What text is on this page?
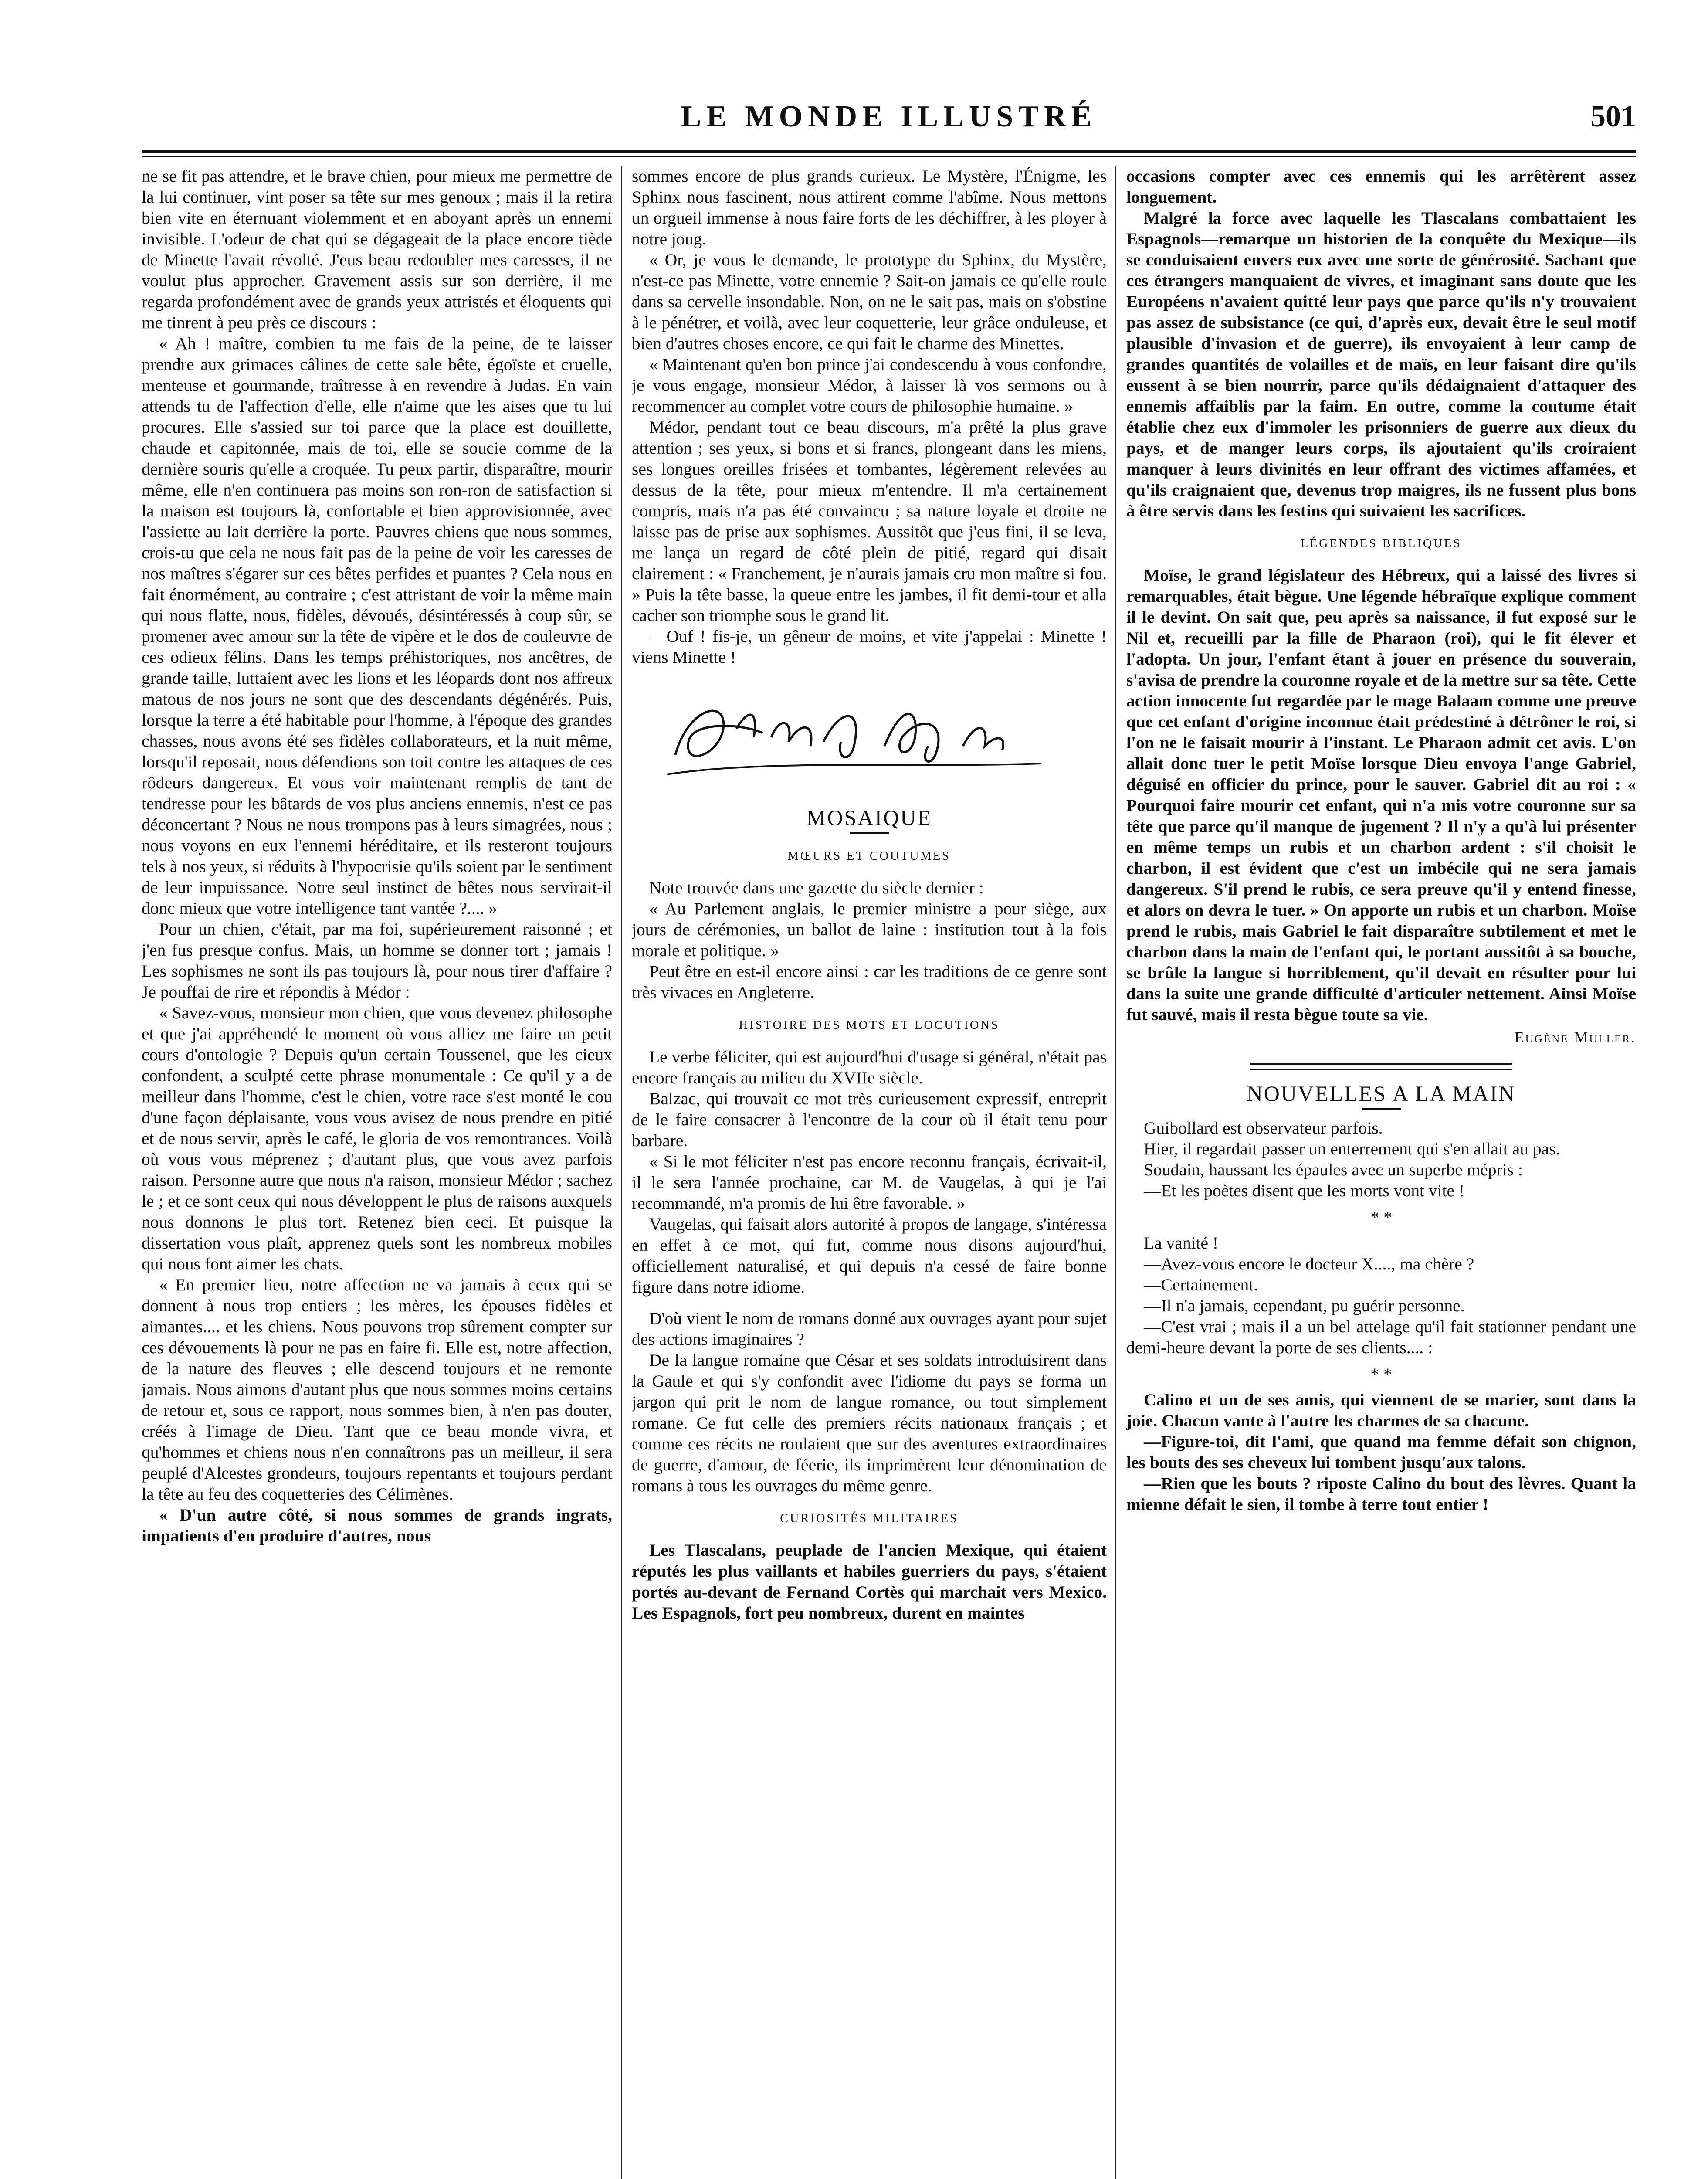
LE MONDE ILLUSTRÉ	501

ne se fit pas attendre, et le brave chien, pour mieux me permettre de la lui continuer, vint poser sa tête sur mes genoux ; mais il la retira bien vite en éternuant violemment et en aboyant après un ennemi invisible. L'odeur de chat qui se dégageait de la place encore tiède de Minette l'avait révolté. J'eus beau redoubler mes caresses, il ne voulut plus approcher. Gravement assis sur son derrière, il me regarda profondément avec de grands yeux attristés et éloquents qui me tinrent à peu près ce discours :

« Ah ! maître, combien tu me fais de la peine, de te laisser prendre aux grimaces câlines de cette sale bête, égoïste et cruelle, menteuse et gourmande, traîtresse à en revendre à Judas. En vain attends tu de l'affection d'elle, elle n'aime que les aises que tu lui procures. Elle s'assied sur toi parce que la place est douillette, chaude et capitonnée, mais de toi, elle se soucie comme de la dernière souris qu'elle a croquée. Tu peux partir, disparaître, mourir même, elle n'en continuera pas moins son ron-ron de satisfaction si la maison est toujours là, confortable et bien approvisionnée, avec l'assiette au lait derrière la porte. Pauvres chiens que nous sommes, crois-tu que cela ne nous fait pas de la peine de voir les caresses de nos maîtres s'égarer sur ces bêtes perfides et puantes ? Cela nous en fait énormément, au contraire ; c'est attristant de voir la même main qui nous flatte, nous, fidèles, dévoués, désintéressés à coup sûr, se promener avec amour sur la tête de vipère et le dos de couleuvre de ces odieux félins. Dans les temps préhistoriques, nos ancêtres, de grande taille, luttaient avec les lions et les léopards dont nos affreux matous de nos jours ne sont que des descendants dégénérés. Puis, lorsque la terre a été habitable pour l'homme, à l'époque des grandes chasses, nous avons été ses fidèles collaborateurs, et la nuit même, lorsqu'il reposait, nous défendions son toit contre les attaques de ces rôdeurs dangereux. Et vous voir maintenant remplis de tant de tendresse pour les bâtards de vos plus anciens ennemis, n'est ce pas déconcertant ? Nous ne nous trompons pas à leurs simagrées, nous ; nous voyons en eux l'ennemi héréditaire, et ils resteront toujours tels à nos yeux, si réduits à l'hypocrisie qu'ils soient par le sentiment de leur impuissance. Notre seul instinct de bêtes nous servirait-il donc mieux que votre intelligence tant vantée ?.... »

Pour un chien, c'était, par ma foi, supérieurement raisonné ; et j'en fus presque confus. Mais, un homme se donner tort ; jamais ! Les sophismes ne sont ils pas toujours là, pour nous tirer d'affaire ? Je pouffai de rire et répondis à Médor :

« Savez-vous, monsieur mon chien, que vous devenez philosophe et que j'ai appréhendé le moment où vous alliez me faire un petit cours d'ontologie ? Depuis qu'un certain Toussenel, que les cieux confondent, a sculpté cette phrase monumentale : Ce qu'il y a de meilleur dans l'homme, c'est le chien, votre race s'est monté le cou d'une façon déplaisante, vous vous avisez de nous prendre en pitié et de nous servir, après le café, le gloria de vos remontrances. Voilà où vous vous méprenez ; d'autant plus, que vous avez parfois raison. Personne autre que nous n'a raison, monsieur Médor ; sachez le ; et ce sont ceux qui nous développent le plus de raisons auxquels nous donnons le plus tort. Retenez bien ceci. Et puisque la dissertation vous plaît, apprenez quels sont les nombreux mobiles qui nous font aimer les chats.

« En premier lieu, notre affection ne va jamais à ceux qui se donnent à nous trop entiers ; les mères, les épouses fidèles et aimantes.... et les chiens. Nous pouvons trop sûrement compter sur ces dévouements là pour ne pas en faire fi. Elle est, notre affection, de la nature des fleuves ; elle descend toujours et ne remonte jamais. Nous aimons d'autant plus que nous sommes moins certains de retour et, sous ce rapport, nous sommes bien, à n'en pas douter, créés à l'image de Dieu. Tant que ce beau monde vivra, et qu'hommes et chiens nous n'en connaîtrons pas un meilleur, il sera peuplé d'Alcestes grondeurs, toujours repentants et toujours perdant la tête au feu des coquetteries des Célimènes.

« D'un autre côté, si nous sommes de grands ingrats, impatients d'en produire d'autres, nous

sommes encore de plus grands curieux. Le Mystère, l'Énigme, les Sphinx nous fascinent, nous attirent comme l'abîme. Nous mettons un orgueil immense à nous faire forts de les déchiffrer, à les ployer à notre joug.

« Or, je vous le demande, le prototype du Sphinx, du Mystère, n'est-ce pas Minette, votre ennemie ? Sait-on jamais ce qu'elle roule dans sa cervelle insondable. Non, on ne le sait pas, mais on s'obstine à le pénétrer, et voilà, avec leur coquetterie, leur grâce onduleuse, et bien d'autres choses encore, ce qui fait le charme des Minettes.

« Maintenant qu'en bon prince j'ai condescendu à vous confondre, je vous engage, monsieur Médor, à laisser là vos sermons ou à recommencer au complet votre cours de philosophie humaine. »

Médor, pendant tout ce beau discours, m'a prêté la plus grave attention ; ses yeux, si bons et si francs, plongeant dans les miens, ses longues oreilles frisées et tombantes, légèrement relevées au dessus de la tête, pour mieux m'entendre. Il m'a certainement compris, mais n'a pas été convaincu ; sa nature loyale et droite ne laisse pas de prise aux sophismes. Aussitôt que j'eus fini, il se leva, me lança un regard de côté plein de pitié, regard qui disait clairement : « Franchement, je n'aurais jamais cru mon maître si fou. » Puis la tête basse, la queue entre les jambes, il fit demi-tour et alla cacher son triomphe sous le grand lit.

—Ouf ! fis-je, un gêneur de moins, et vite j'appelai : Minette ! viens Minette !

MOSAIQUE
MŒURS ET COUTUMES

Note trouvée dans une gazette du siècle dernier :

« Au Parlement anglais, le premier ministre a pour siège, aux jours de cérémonies, un ballot de laine : institution tout à la fois morale et politique. »

Peut être en est-il encore ainsi : car les traditions de ce genre sont très vivaces en Angleterre.

HISTOIRE DES MOTS ET LOCUTIONS

Le verbe féliciter, qui est aujourd'hui d'usage si général, n'était pas encore français au milieu du XVIIe siècle.

Balzac, qui trouvait ce mot très curieusement expressif, entreprit de le faire consacrer à l'encontre de la cour où il était tenu pour barbare.

« Si le mot féliciter n'est pas encore reconnu français, écrivait-il, il le sera l'année prochaine, car M. de Vaugelas, à qui je l'ai recommandé, m'a promis de lui être favorable. »

Vaugelas, qui faisait alors autorité à propos de langage, s'intéressa en effet à ce mot, qui fut, comme nous disons aujourd'hui, officiellement naturalisé, et qui depuis n'a cessé de faire bonne figure dans notre idiome.

D'où vient le nom de romans donné aux ouvrages ayant pour sujet des actions imaginaires ?

De la langue romaine que César et ses soldats introduisirent dans la Gaule et qui s'y confondit avec l'idiome du pays se forma un jargon qui prit le nom de langue romance, ou tout simplement romane. Ce fut celle des premiers récits nationaux français ; et comme ces récits ne roulaient que sur des aventures extraordinaires de guerre, d'amour, de féerie, ils imprimèrent leur dénomination de romans à tous les ouvrages du même genre.

CURIOSITÉS MILITAIRES

Les Tlascalans, peuplade de l'ancien Mexique, qui étaient réputés les plus vaillants et habiles guerriers du pays, s'étaient portés au-devant de Fernand Cortès qui marchait vers Mexico. Les Espagnols, fort peu nombreux, durent en maintes

occasions compter avec ces ennemis qui les arrêtèrent assez longuement.

Malgré la force avec laquelle les Tlascalans combattaient les Espagnols—remarque un historien de la conquête du Mexique—ils se conduisaient envers eux avec une sorte de générosité. Sachant que ces étrangers manquaient de vivres, et imaginant sans doute que les Européens n'avaient quitté leur pays que parce qu'ils n'y trouvaient pas assez de subsistance (ce qui, d'après eux, devait être le seul motif plausible d'invasion et de guerre), ils envoyaient à leur camp de grandes quantités de volailles et de maïs, en leur faisant dire qu'ils eussent à se bien nourrir, parce qu'ils dédaignaient d'attaquer des ennemis affaiblis par la faim. En outre, comme la coutume était établie chez eux d'immoler les prisonniers de guerre aux dieux du pays, et de manger leurs corps, ils ajoutaient qu'ils croiraient manquer à leurs divinités en leur offrant des victimes affamées, et qu'ils craignaient que, devenus trop maigres, ils ne fussent plus bons à être servis dans les festins qui suivaient les sacrifices.

LÉGENDES BIBLIQUES

Moïse, le grand législateur des Hébreux, qui a laissé des livres si remarquables, était bègue. Une légende hébraïque explique comment il le devint. On sait que, peu après sa naissance, il fut exposé sur le Nil et, recueilli par la fille de Pharaon (roi), qui le fit élever et l'adopta. Un jour, l'enfant étant à jouer en présence du souverain, s'avisa de prendre la couronne royale et de la mettre sur sa tête. Cette action innocente fut regardée par le mage Balaam comme une preuve que cet enfant d'origine inconnue était prédestiné à détrôner le roi, si l'on ne le faisait mourir à l'instant. Le Pharaon admit cet avis. L'on allait donc tuer le petit Moïse lorsque Dieu envoya l'ange Gabriel, déguisé en officier du prince, pour le sauver. Gabriel dit au roi : « Pourquoi faire mourir cet enfant, qui n'a mis votre couronne sur sa tête que parce qu'il manque de jugement ? Il n'y a qu'à lui présenter en même temps un rubis et un charbon ardent : s'il choisit le charbon, il est évident que c'est un imbécile qui ne sera jamais dangereux. S'il prend le rubis, ce sera preuve qu'il y entend finesse, et alors on devra le tuer. » On apporte un rubis et un charbon. Moïse prend le rubis, mais Gabriel le fait disparaître subtilement et met le charbon dans la main de l'enfant qui, le portant aussitôt à sa bouche, se brûle la langue si horriblement, qu'il devait en résulter pour lui dans la suite une grande difficulté d'articuler nettement. Ainsi Moïse fut sauvé, mais il resta bègue toute sa vie.

Eugène Muller.
NOUVELLES A LA MAIN

Guibollard est observateur parfois.

Hier, il regardait passer un enterrement qui s'en allait au pas.

Soudain, haussant les épaules avec un superbe mépris :

—Et les poètes disent que les morts vont vite !

* *

La vanité !

—Avez-vous encore le docteur X...., ma chère ?

—Certainement.

—Il n'a jamais, cependant, pu guérir personne.

—C'est vrai ; mais il a un bel attelage qu'il fait stationner pendant une demi-heure devant la porte de ses clients.... :

* *

Calino et un de ses amis, qui viennent de se marier, sont dans la joie. Chacun vante à l'autre les charmes de sa chacune.

—Figure-toi, dit l'ami, que quand ma femme défait son chignon, les bouts des ses cheveux lui tombent jusqu'aux talons.

—Rien que les bouts ? riposte Calino du bout des lèvres. Quant la mienne défait le sien, il tombe à terre tout entier !
